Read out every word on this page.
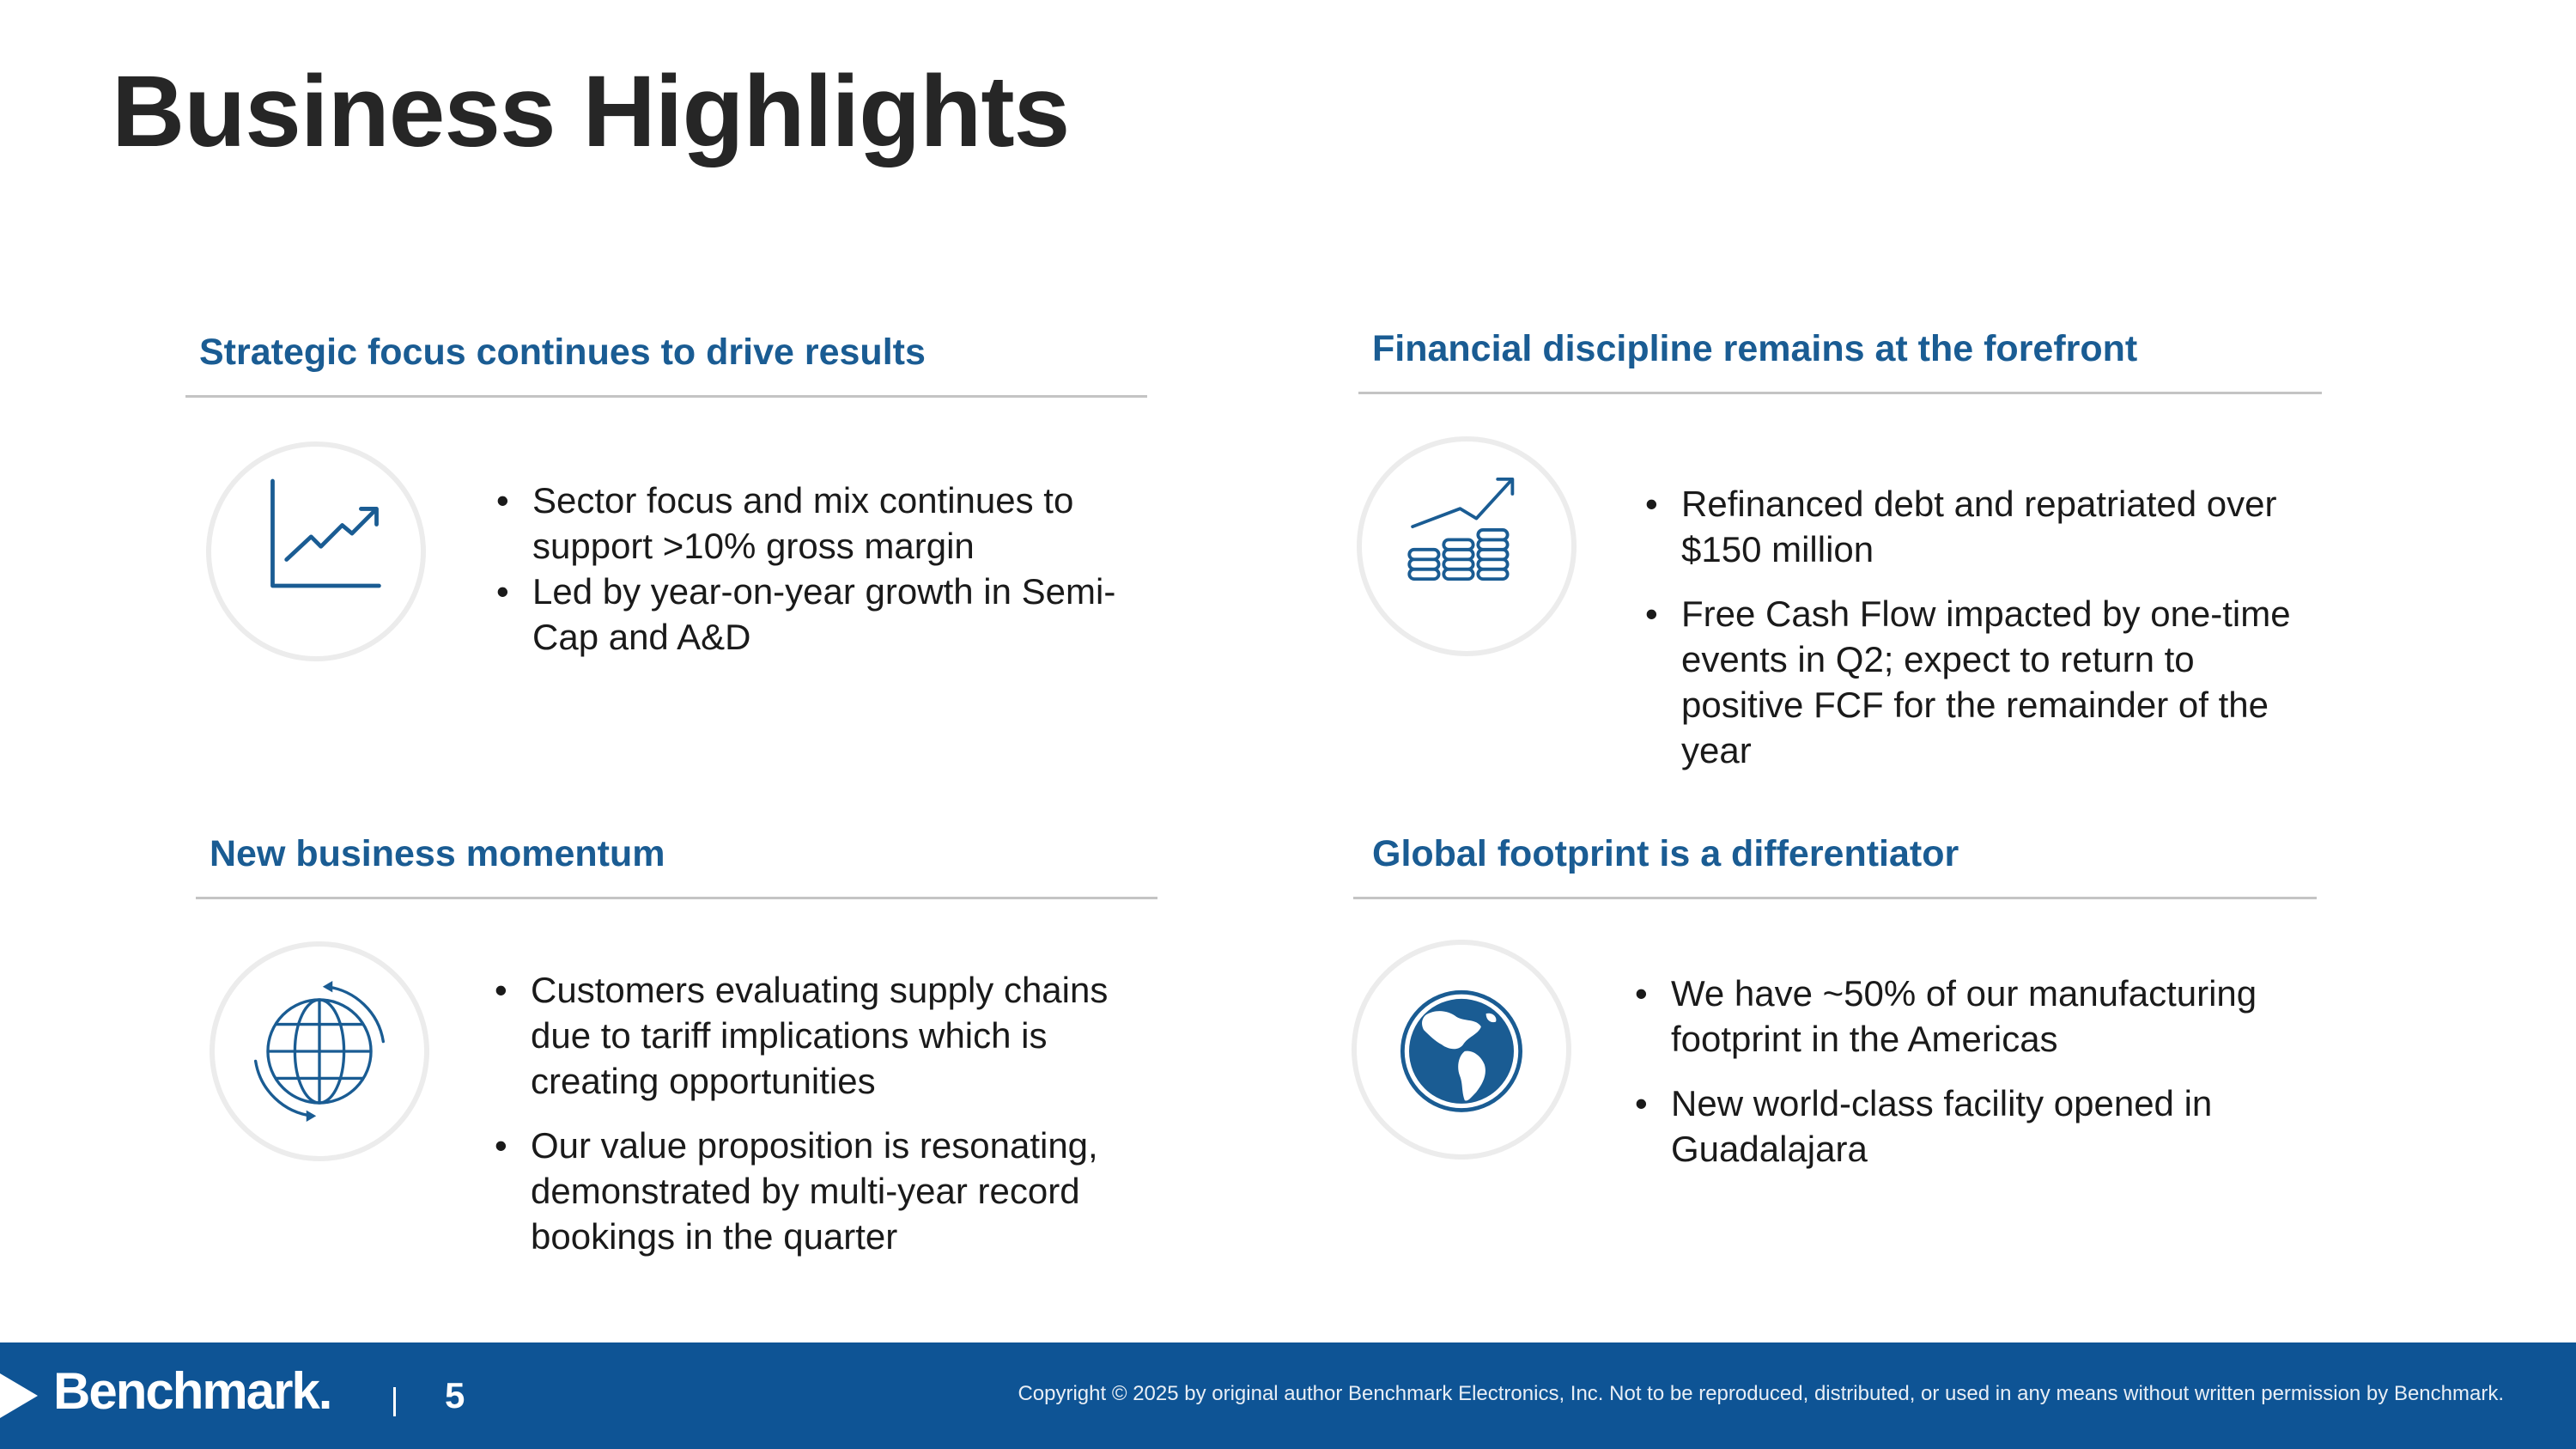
Business Highlights
Strategic focus continues to drive results
• Sector focus and mix continues to support >10% gross margin
• Led by year-on-year growth in Semi-Cap and A&D
Financial discipline remains at the forefront
• Refinanced debt and repatriated over $150 million
• Free Cash Flow impacted by one-time events in Q2; expect to return to positive FCF for the remainder of the year
New business momentum
• Customers evaluating supply chains due to tariff implications which is creating opportunities
• Our value proposition is resonating, demonstrated by multi-year record bookings in the quarter
Global footprint is a differentiator
• We have ~50% of our manufacturing footprint in the Americas
• New world-class facility opened in Guadalajara
Benchmark.	5	Copyright © 2025 by original author Benchmark Electronics, Inc. Not to be reproduced, distributed, or used in any means without written permission by Benchmark.
